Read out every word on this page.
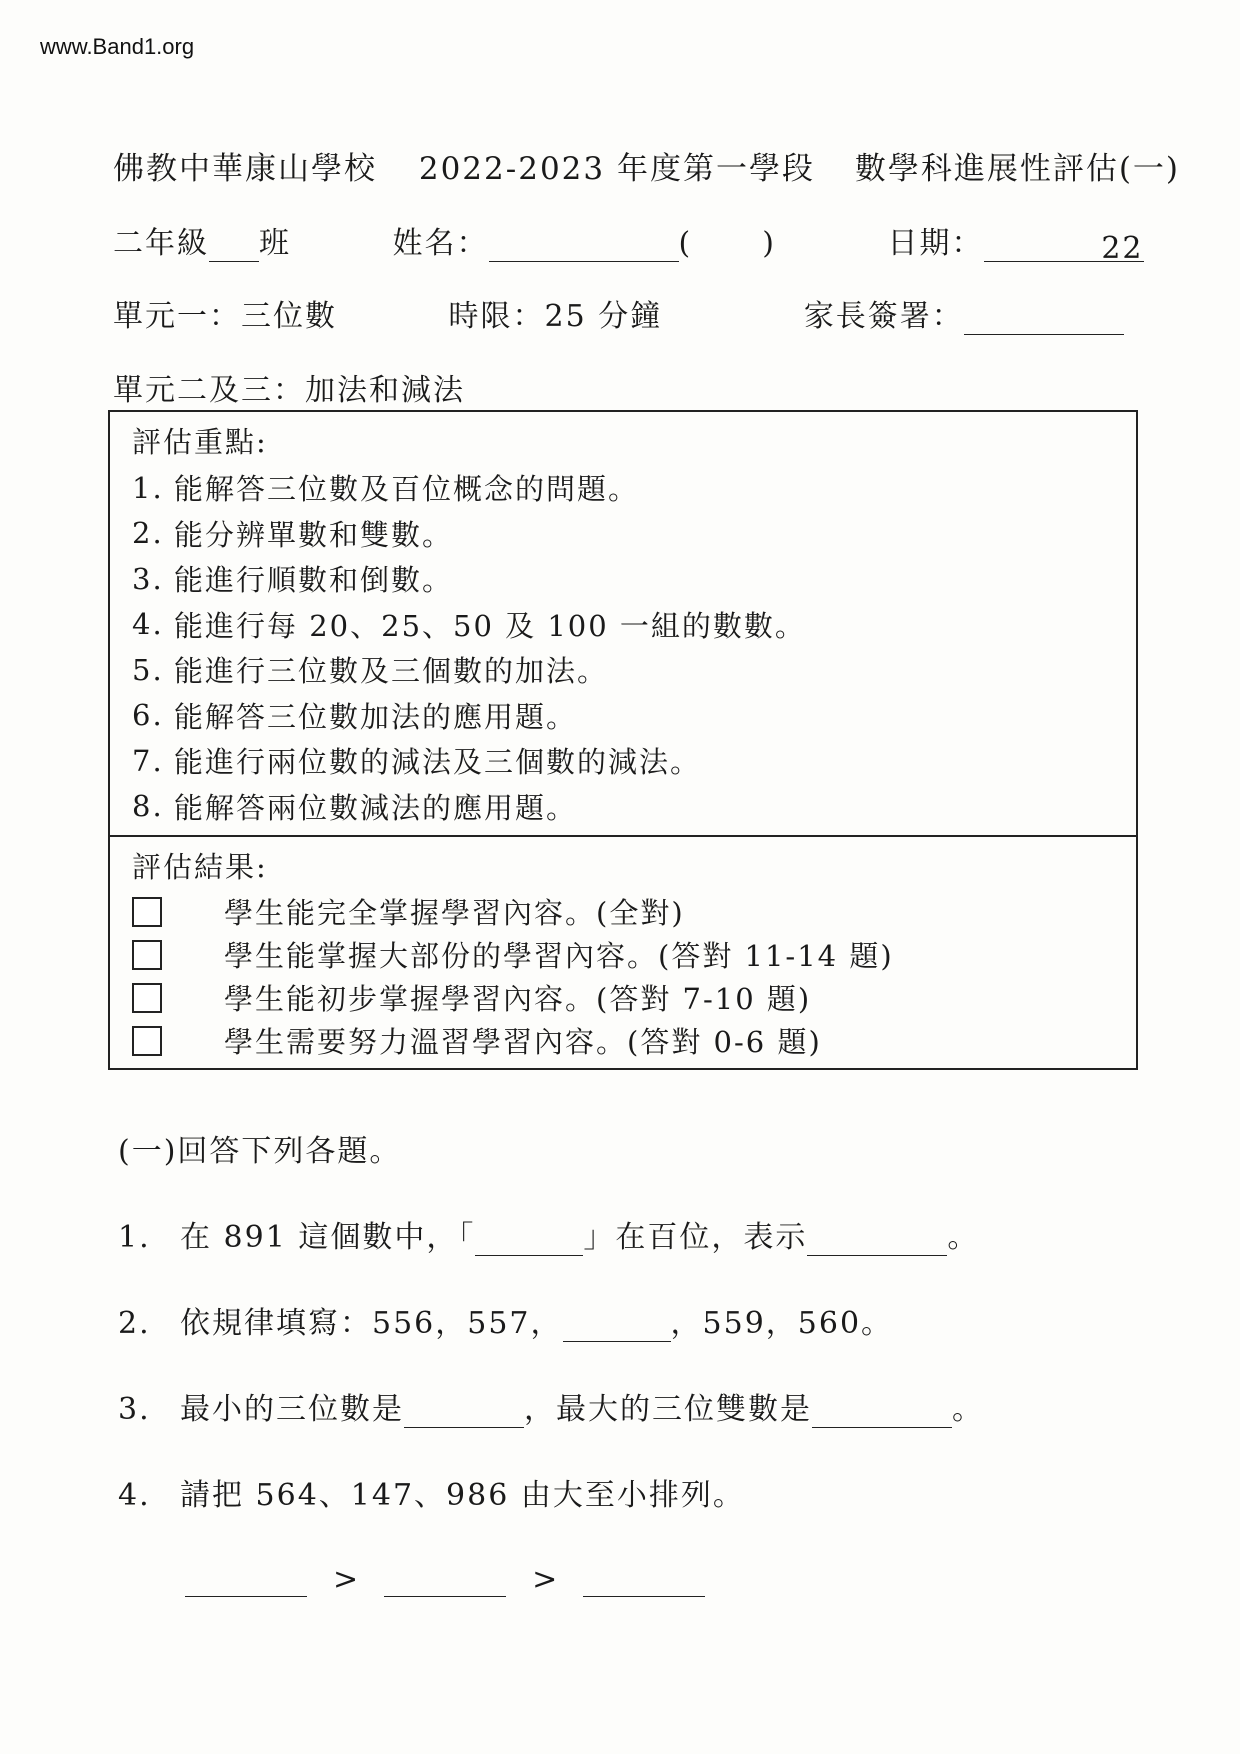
www.Band1.org
佛教中華康山學校 2022-2023 年度第一學段 數學科進展性評估(一)
二年級 班	姓名：	( )	日期：	22
單元一：三位數	時限：25 分鐘	家長簽署：
單元二及三：加法和減法
評估重點:
1. 能解答三位數及百位概念的問題。
2. 能分辨單數和雙數。
3. 能進行順數和倒數。
4. 能進行每 20、25、50 及 100 一組的數數。
5. 能進行三位數及三個數的加法。
6. 能解答三位數加法的應用題。
7. 能進行兩位數的減法及三個數的減法。
8. 能解答兩位數減法的應用題。
評估結果:
學生能完全掌握學習內容。(全對)
學生能掌握大部份的學習內容。(答對 11-14 題)
學生能初步掌握學習內容。(答對 7-10 題)
學生需要努力溫習學習內容。(答對 0-6 題)
(一)回答下列各題。
1. 在 891 這個數中，「	」在百位，表示	。
2. 依規律填寫：556，557，	，559，560。
3. 最小的三位數是	，最大的三位雙數是	。
4. 請把 564、147、986 由大至小排列。
>	>
